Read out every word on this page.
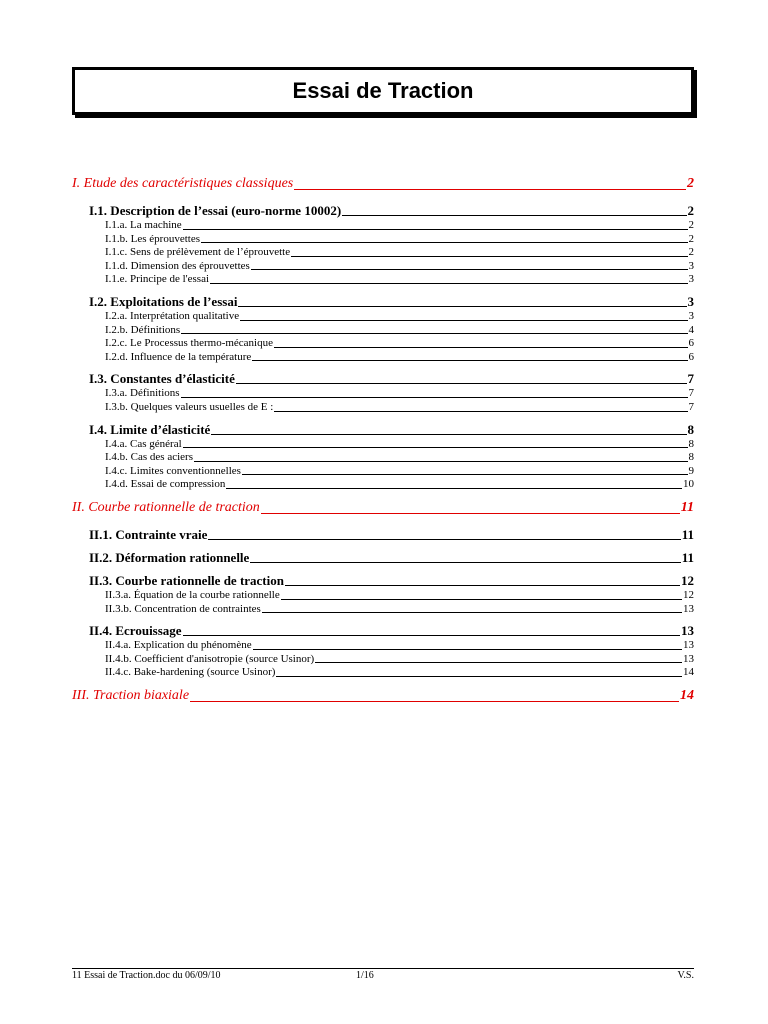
Essai de Traction
I. Etude des caractéristiques classiques	2
I.1. Description de l’essai (euro-norme 10002)	2
I.1.a. La machine	2
I.1.b. Les éprouvettes	2
I.1.c. Sens de prélèvement de l’éprouvette	2
I.1.d. Dimension des éprouvettes	3
I.1.e. Principe de l'essai	3
I.2. Exploitations de l’essai	3
I.2.a. Interprétation qualitative	3
I.2.b. Définitions	4
I.2.c. Le Processus thermo-mécanique	6
I.2.d. Influence de la température	6
I.3. Constantes d’élasticité	7
I.3.a. Définitions	7
I.3.b. Quelques valeurs usuelles de E :	7
I.4. Limite d’élasticité	8
I.4.a. Cas général	8
I.4.b. Cas des aciers	8
I.4.c. Limites conventionnelles	9
I.4.d. Essai de compression	10
II. Courbe rationnelle de traction	11
II.1. Contrainte vraie	11
II.2. Déformation rationnelle	11
II.3. Courbe rationnelle de traction	12
II.3.a. Équation de la courbe rationnelle	12
II.3.b. Concentration de contraintes	13
II.4. Ecrouissage	13
II.4.a. Explication du phénomène	13
II.4.b. Coefficient d'anisotropie (source Usinor)	13
II.4.c. Bake-hardening (source Usinor)	14
III. Traction biaxiale	14
11 Essai de Traction.doc du 06/09/10	1/16	V.S.
